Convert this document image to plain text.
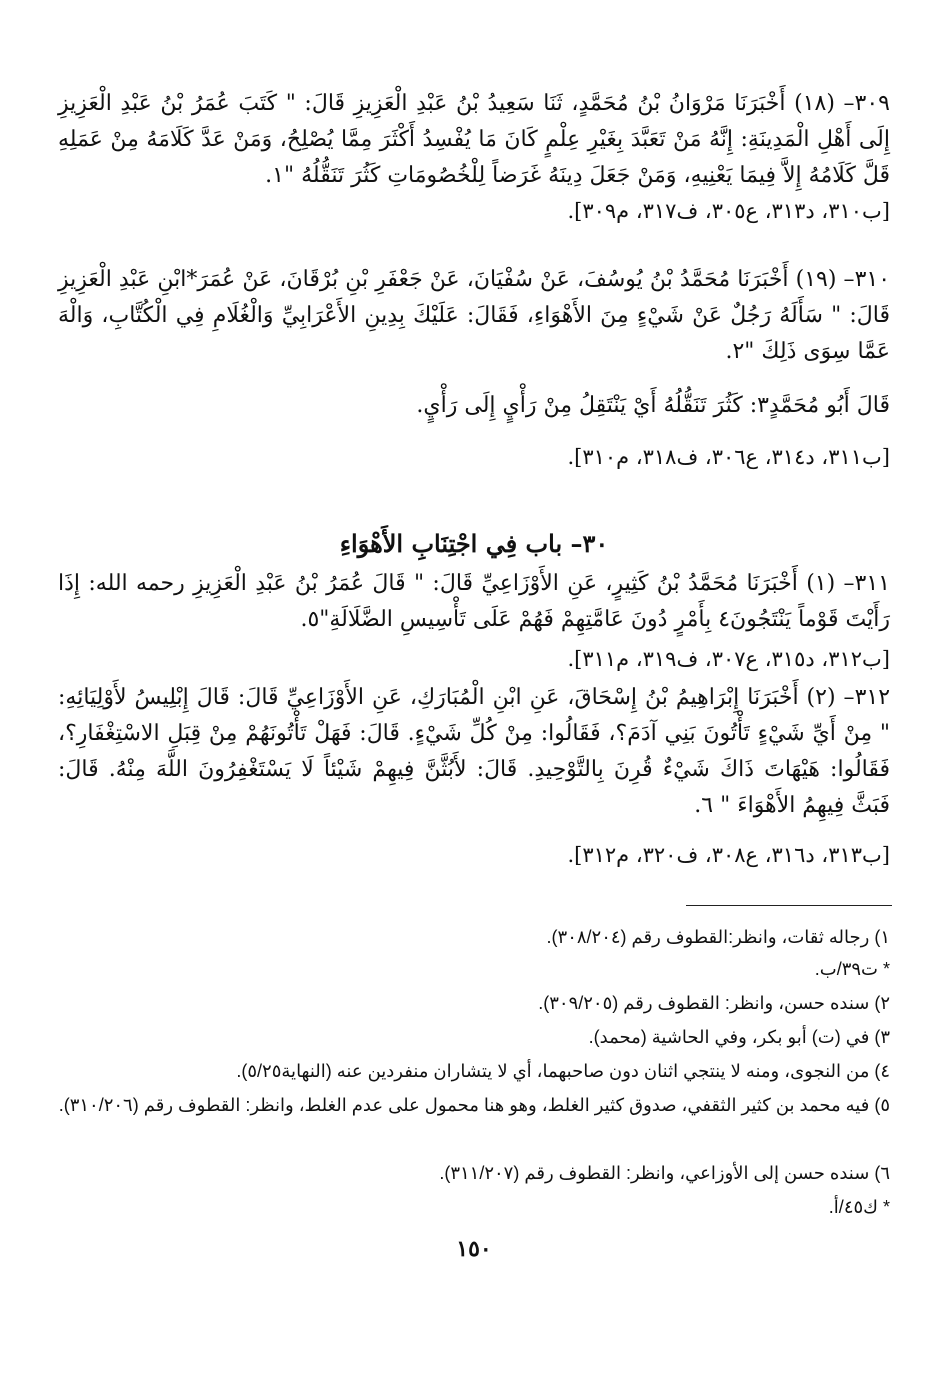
٣٠٩– (١٨) أَخْبَرَنَا مَرْوَانُ بْنُ مُحَمَّدٍ، ثَنَا سَعِيدُ بْنُ عَبْدِ الْعَزِيزِ قَالَ: " كَتَبَ عُمَرُ بْنُ عَبْدِ الْعَزِيزِ إِلَى أَهْلِ الْمَدِينَةِ: إِنَّهُ مَنْ تَعَبَّدَ بِغَيْرِ عِلْمٍ كَانَ مَا يُفْسِدُ أَكْثَرَ مِمَّا يُصْلِحُ، وَمَنْ عَدَّ كَلَامَهُ مِنْ عَمَلِهِ قَلَّ كَلَامُهُ إِلاَّ فِيمَا يَعْنِيهِ، وَمَنْ جَعَلَ دِينَهُ غَرَضاً لِلْخُصُومَاتِ كَثُرَ تَنَقُّلُهُ "١.
[ب٣١٠، د٣١٣، ع٣٠٥، ف٣١٧، م٣٠٩].
٣١٠– (١٩) أَخْبَرَنَا مُحَمَّدُ بْنُ يُوسُفَ، عَنْ سُفْيَانَ، عَنْ جَعْفَرِ بْنِ بُرْقَانَ، عَنْ عُمَرَ*ابْنِ عَبْدِ الْعَزِيزِ قَالَ: " سَأَلَهُ رَجُلٌ عَنْ شَيْءٍ مِنَ الأَهْوَاءِ، فَقَالَ: عَلَيْكَ بِدِينِ الأَعْرَابِيِّ وَالْغُلَامِ فِي الْكُتَّابِ، وَالْهَ عَمَّا سِوَى ذَلِكَ "٢.
قَالَ أَبُو مُحَمَّدٍ٣: كَثُرَ تَنَقُّلُهُ أَيْ يَنْتَقِلُ مِنْ رَأْيٍ إِلَى رَأْيٍ.
[ب٣١١، د٣١٤، ع٣٠٦، ف٣١٨، م٣١٠].
٣٠– باب فِي اجْتِنَابِ الأَهْوَاءِ
٣١١– (١) أَخْبَرَنَا مُحَمَّدُ بْنُ كَثِيرٍ، عَنِ الأَوْزَاعِيِّ قَالَ: " قَالَ عُمَرُ بْنُ عَبْدِ الْعَزِيزِ رحمه الله: إِذَا رَأَيْتَ قَوْماً يَنْتَجُونَ٤ بِأَمْرٍ دُونَ عَامَّتِهِمْ فَهُمْ عَلَى تَأْسِيسِ الضَّلَالَةِ"٥.
[ب٣١٢، د٣١٥، ع٣٠٧، ف٣١٩، م٣١١].
٣١٢– (٢) أَخْبَرَنَا إِبْرَاهِيمُ بْنُ إِسْحَاقَ، عَنِ ابْنِ الْمُبَارَكِ، عَنِ الأَوْزَاعِيِّ قَالَ: قَالَ إِبْلِيسُ لأَوْلِيَائِهِ: " مِنْ أَيِّ شَيْءٍ تَأْتُونَ بَنِي آدَمَ؟، فَقَالُوا: مِنْ كُلِّ شَيْءٍ. قَالَ: فَهَلْ تَأْتُونَهُمْ مِنْ قِبَلِ الاسْتِغْفَارِ؟، فَقَالُوا: هَيْهَاتَ ذَاكَ شَيْءٌ قُرِنَ بِالتَّوْحِيدِ. قَالَ: لأَبُثَّنَّ فِيهِمْ شَيْئاً لَا يَسْتَغْفِرُونَ اللَّهَ مِنْهُ. قَالَ: فَبَثَّ فِيهِمُ الأَهْوَاءَ " ٦.
[ب٣١٣، د٣١٦، ع٣٠٨، ف٣٢٠، م٣١٢].
١) رجاله ثقات، وانظر:القطوف رقم (٣٠٨/٢٠٤).
* ت٣٩/ب.
٢) سنده حسن، وانظر: القطوف رقم (٣٠٩/٢٠٥).
٣) في (ت) أبو بكر، وفي الحاشية (محمد).
٤) من النجوى، ومنه لا ينتجي اثنان دون صاحبهما، أي لا يتشاران منفردين عنه (النهاية٥/٢٥).
٥) فيه محمد بن كثير الثقفي، صدوق كثير الغلط، وهو هنا محمول على عدم الغلط، وانظر: القطوف رقم (٣١٠/٢٠٦).
٦) سنده حسن إلى الأوزاعي، وانظر: القطوف رقم (٣١١/٢٠٧).
* ك٤٥/أ.
١٥٠
